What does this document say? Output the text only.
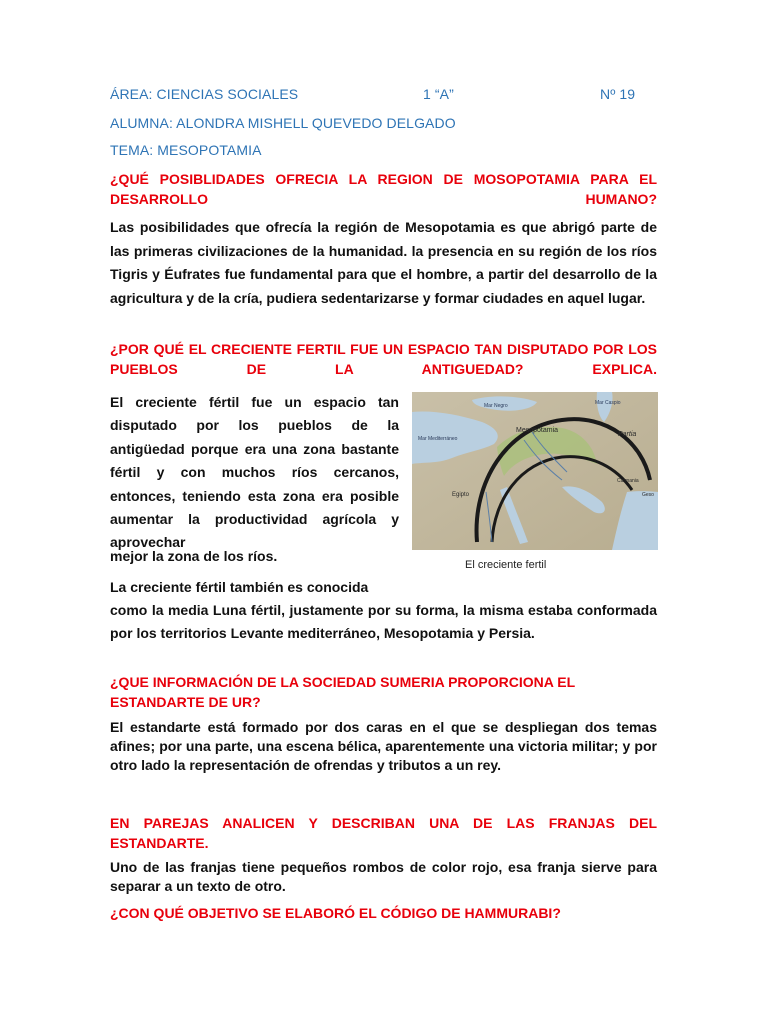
ÁREA: CIENCIAS SOCIALES	1 “A”	Nº 19
ALUMNA: ALONDRA MISHELL QUEVEDO DELGADO
TEMA: MESOPOTAMIA
¿QUÉ POSIBLIDADES OFRECIA LA REGION DE MOSOPOTAMIA PARA EL DESARROLLO HUMANO?
Las posibilidades que ofrecía la región de Mesopotamia es que abrigó parte de las primeras civilizaciones de la humanidad. la presencia en su región de los ríos Tigris y Éufrates fue fundamental para que el hombre, a partir del desarrollo de la agricultura y de la cría, pudiera sedentarizarse y formar ciudades en aquel lugar.
¿POR QUÉ EL CRECIENTE FERTIL FUE UN ESPACIO TAN DISPUTADO POR LOS PUEBLOS DE LA ANTIGUEDAD? EXPLICA.
El creciente fértil fue un espacio tan disputado por los pueblos de la antigüedad porque era una zona bastante fértil y con muchos ríos cercanos, entonces, teniendo esta zona era posible aumentar la productividad agrícola y aprovechar
mejor la zona de los ríos.
La creciente fértil también es conocida
como la media Luna fértil, justamente por su forma, la misma estaba conformada por los territorios Levante mediterráneo, Mesopotamia y Persia.
Mar Negro	Mar Caspio
Mar Mediterráneo
Mesopotamia
Partia
Egipto
Carmania
Geso
El creciente fertil
¿QUE INFORMACIÓN DE LA SOCIEDAD SUMERIA PROPORCIONA EL ESTANDARTE DE UR?
El estandarte está formado por dos caras en el que se despliegan dos temas afines; por una parte, una escena bélica, aparentemente una victoria militar; y por otro lado la representación de ofrendas y tributos a un rey.
EN PAREJAS ANALICEN Y DESCRIBAN UNA DE LAS FRANJAS DEL ESTANDARTE.
Uno de las franjas tiene pequeños rombos de color rojo, esa franja sierve para separar a un texto de otro.
¿CON QUÉ OBJETIVO SE ELABORÓ EL CÓDIGO DE HAMMURABI?
